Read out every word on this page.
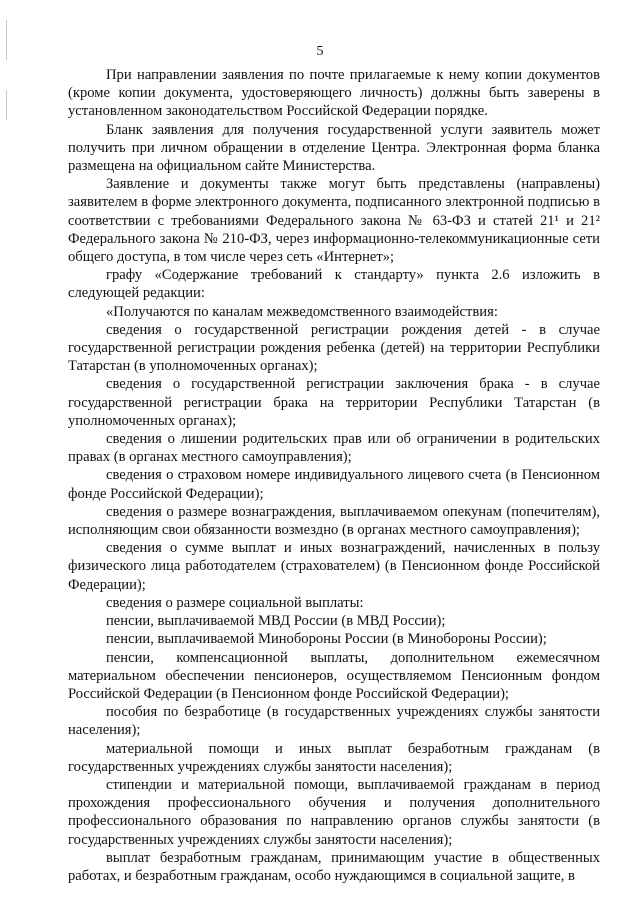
5

При направлении заявления по почте прилагаемые к нему копии документов (кроме копии документа, удостоверяющего личность) должны быть заверены в установленном законодательством Российской Федерации порядке.

Бланк заявления для получения государственной услуги заявитель может получить при личном обращении в отделение Центра. Электронная форма бланка размещена на официальном сайте Министерства.

Заявление и документы также могут быть представлены (направлены) заявителем в форме электронного документа, подписанного электронной подписью в соответствии с требованиями Федерального закона № 63-ФЗ и статей 21¹ и 21² Федерального закона № 210-ФЗ, через информационно-телекоммуникационные сети общего доступа, в том числе через сеть «Интернет»;

графу «Содержание требований к стандарту» пункта 2.6 изложить в следующей редакции:

«Получаются по каналам межведомственного взаимодействия:

сведения о государственной регистрации рождения детей - в случае государственной регистрации рождения ребенка (детей) на территории Республики Татарстан (в уполномоченных органах);

сведения о государственной регистрации заключения брака - в случае государственной регистрации брака на территории Республики Татарстан (в уполномоченных органах);

сведения о лишении родительских прав или об ограничении в родительских правах (в органах местного самоуправления);

сведения о страховом номере индивидуального лицевого счета (в Пенсионном фонде Российской Федерации);

сведения о размере вознаграждения, выплачиваемом опекунам (попечителям), исполняющим свои обязанности возмездно (в органах местного самоуправления);

сведения о сумме выплат и иных вознаграждений, начисленных в пользу физического лица работодателем (страхователем) (в Пенсионном фонде Российской Федерации);

сведения о размере социальной выплаты:

пенсии, выплачиваемой МВД России (в МВД России);

пенсии, выплачиваемой Минобороны России (в Минобороны России);

пенсии, компенсационной выплаты, дополнительном ежемесячном материальном обеспечении пенсионеров, осуществляемом Пенсионным фондом Российской Федерации (в Пенсионном фонде Российской Федерации);

пособия по безработице (в государственных учреждениях службы занятости населения);

материальной помощи и иных выплат безработным гражданам (в государственных учреждениях службы занятости населения);

стипендии и материальной помощи, выплачиваемой гражданам в период прохождения профессионального обучения и получения дополнительного профессионального образования по направлению органов службы занятости (в государственных учреждениях службы занятости населения);

выплат безработным гражданам, принимающим участие в общественных работах, и безработным гражданам, особо нуждающимся в социальной защите, в
